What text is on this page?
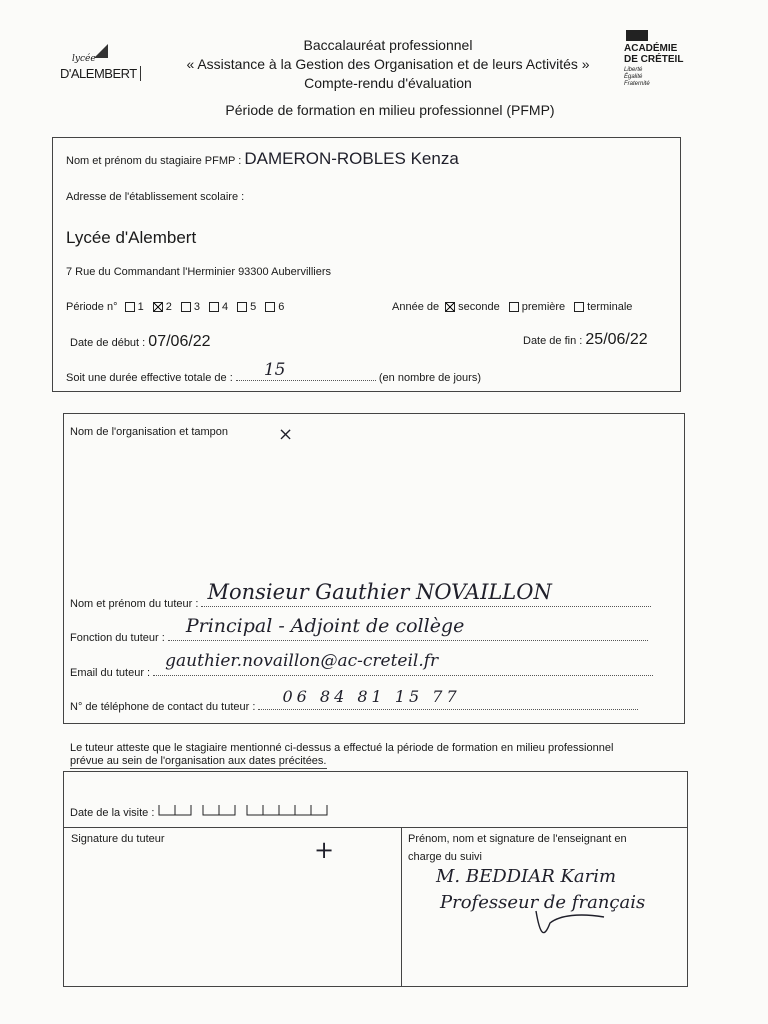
lycée
D'ALEMBERT
Baccalauréat professionnel
« Assistance à la Gestion des Organisation et de leurs Activités »
Compte-rendu d'évaluation
Période de formation en milieu professionnel (PFMP)
ACADÉMIE
DE CRÉTEIL
Liberté
Égalité
Fraternité
Nom et prénom du stagiaire PFMP : DAMERON-ROBLES Kenza
Adresse de l'établissement scolaire :
Lycée d'Alembert
7 Rue du Commandant l'Herminier 93300 Aubervilliers
Période n° 1 2 3 4 5 6	Année de seconde première terminale
Date de début : 07/06/22	Date de fin : 25/06/22
Soit une durée effective totale de : 15	(en nombre de jours)
Nom de l'organisation et tampon	×
Nom et prénom du tuteur : Monsieur Gauthier NOVAILLON
Fonction du tuteur :
Principal - Adjoint de collège
Email du tuteur :
gauthier.novaillon@ac-creteil.fr
N° de téléphone de contact du tuteur :
06 84 81 15 77
Le tuteur atteste que le stagiaire mentionné ci-dessus a effectué la période de formation en milieu professionnel
prévue au sein de l'organisation aux dates précitées.
Date de la visite :
Signature du tuteur	+	Prénom, nom et signature de l'enseignant en
charge du suivi
M. BEDDIAR Karim
Professeur de français
